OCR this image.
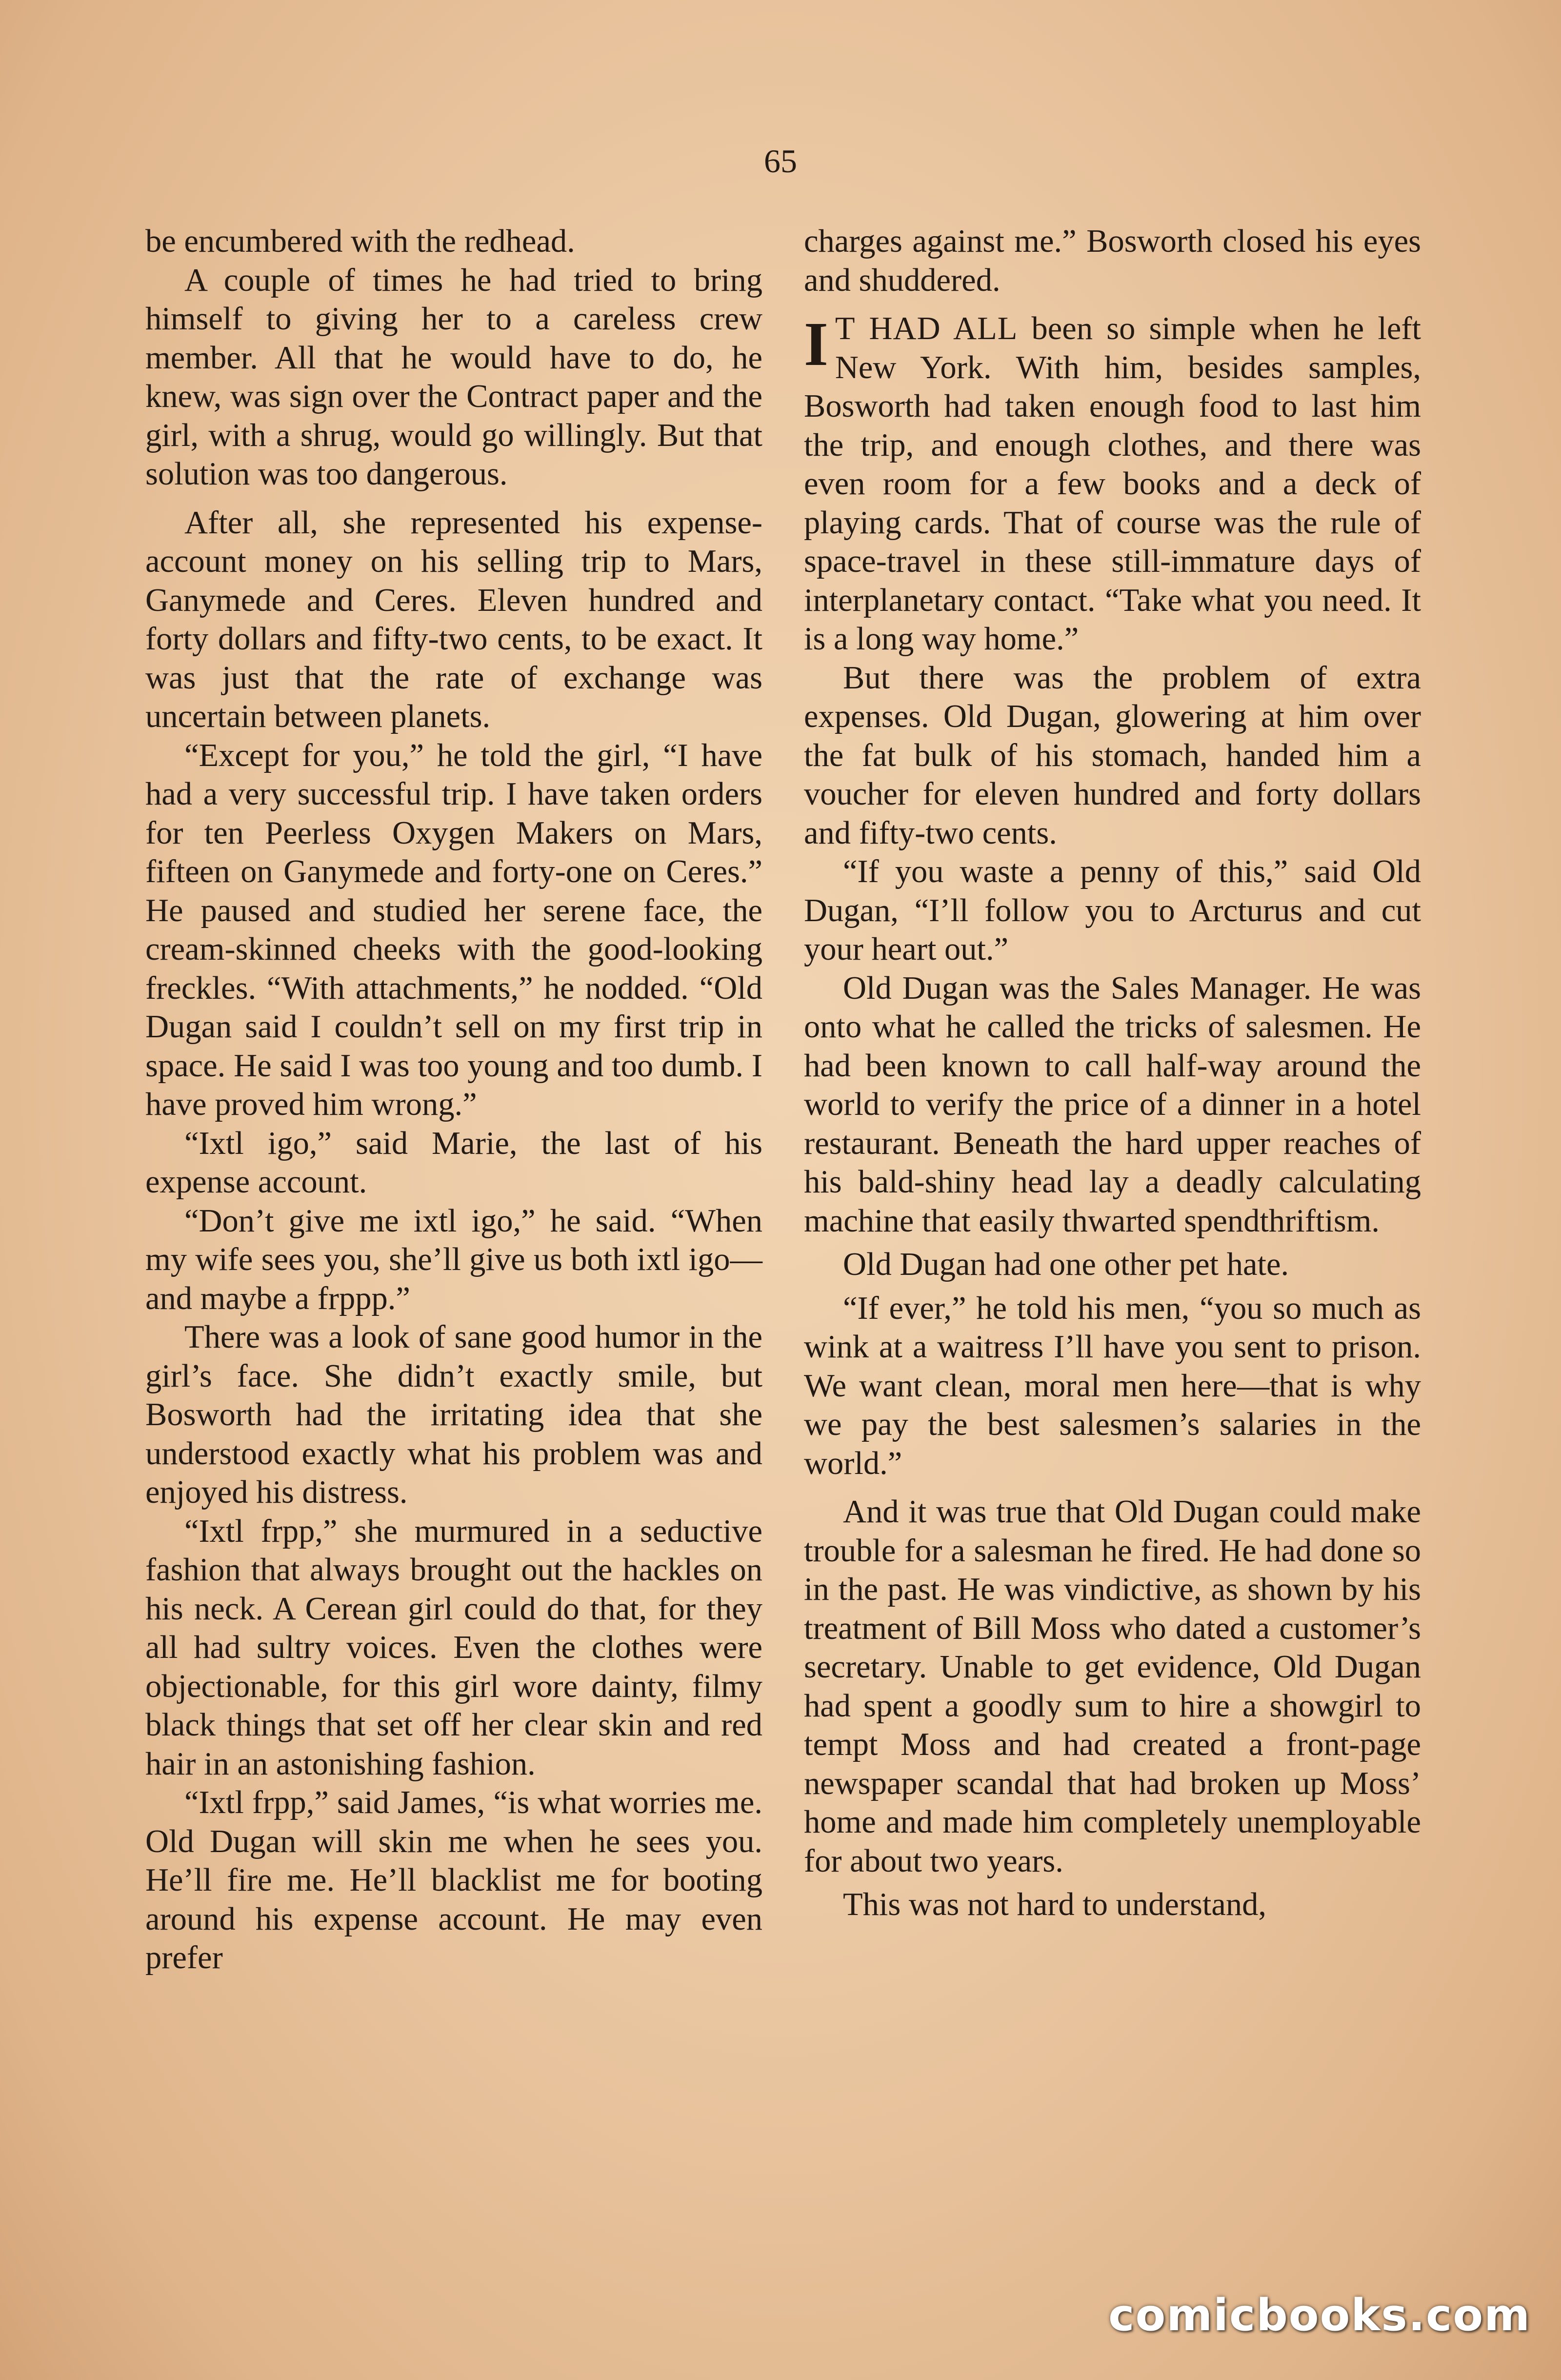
65

be encumbered with the redhead.

A couple of times he had tried to bring himself to giving her to a careless crew member. All that he would have to do, he knew, was sign over the Contract paper and the girl, with a shrug, would go willingly. But that solution was too dangerous.

After all, she represented his expense-account money on his selling trip to Mars, Ganymede and Ceres. Eleven hundred and forty dollars and fifty-two cents, to be exact. It was just that the rate of exchange was uncertain between planets.

“Except for you,” he told the girl, “I have had a very successful trip. I have taken orders for ten Peerless Oxygen Makers on Mars, fifteen on Ganymede and forty-one on Ceres.” He paused and studied her serene face, the cream-skinned cheeks with the good-looking freckles. “With attachments,” he nodded. “Old Dugan said I couldn’t sell on my first trip in space. He said I was too young and too dumb. I have proved him wrong.”

“Ixtl igo,” said Marie, the last of his expense account.

“Don’t give me ixtl igo,” he said. “When my wife sees you, she’ll give us both ixtl igo—and maybe a frppp.”

There was a look of sane good humor in the girl’s face. She didn’t exactly smile, but Bosworth had the irritating idea that she understood exactly what his problem was and enjoyed his distress.

“Ixtl frpp,” she murmured in a seductive fashion that always brought out the hackles on his neck. A Cerean girl could do that, for they all had sultry voices. Even the clothes were objectionable, for this girl wore dainty, filmy black things that set off her clear skin and red hair in an astonishing fashion.

“Ixtl frpp,” said James, “is what worries me. Old Dugan will skin me when he sees you. He’ll fire me. He’ll blacklist me for booting around his expense account. He may even prefer

charges against me.” Bosworth closed his eyes and shuddered.

I T HAD ALL been so simple when he left New York. With him, besides samples, Bosworth had taken enough food to last him the trip, and enough clothes, and there was even room for a few books and a deck of playing cards. That of course was the rule of space-travel in these still-immature days of interplanetary contact. “Take what you need. It is a long way home.”

But there was the problem of extra expenses. Old Dugan, glowering at him over the fat bulk of his stomach, handed him a voucher for eleven hundred and forty dollars and fifty-two cents.

“If you waste a penny of this,” said Old Dugan, “I’ll follow you to Arcturus and cut your heart out.”

Old Dugan was the Sales Manager. He was onto what he called the tricks of salesmen. He had been known to call half-way around the world to verify the price of a dinner in a hotel restaurant. Beneath the hard upper reaches of his bald-shiny head lay a deadly calculating machine that easily thwarted spendthriftism.

Old Dugan had one other pet hate.

“If ever,” he told his men, “you so much as wink at a waitress I’ll have you sent to prison. We want clean, moral men here—that is why we pay the best salesmen’s salaries in the world.”

And it was true that Old Dugan could make trouble for a salesman he fired. He had done so in the past. He was vindictive, as shown by his treatment of Bill Moss who dated a customer’s secretary. Unable to get evidence, Old Dugan had spent a goodly sum to hire a showgirl to tempt Moss and had created a front-page newspaper scandal that had broken up Moss’ home and made him completely unemployable for about two years.

This was not hard to understand,

comicbooks.com
